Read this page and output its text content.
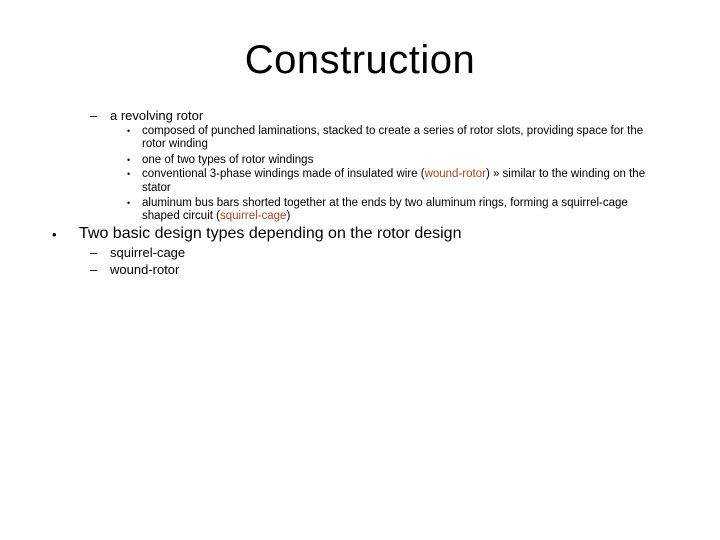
Construction
– a revolving rotor
• composed of punched laminations, stacked to create a series of rotor slots, providing space for the
rotor winding
• one of two types of rotor windings
• conventional 3-phase windings made of insulated wire (wound-rotor) » similar to the winding on the
stator
• aluminum bus bars shorted together at the ends by two aluminum rings, forming a squirrel-cage
shaped circuit (squirrel-cage)
• Two basic design types depending on the rotor design
– squirrel-cage
– wound-rotor
